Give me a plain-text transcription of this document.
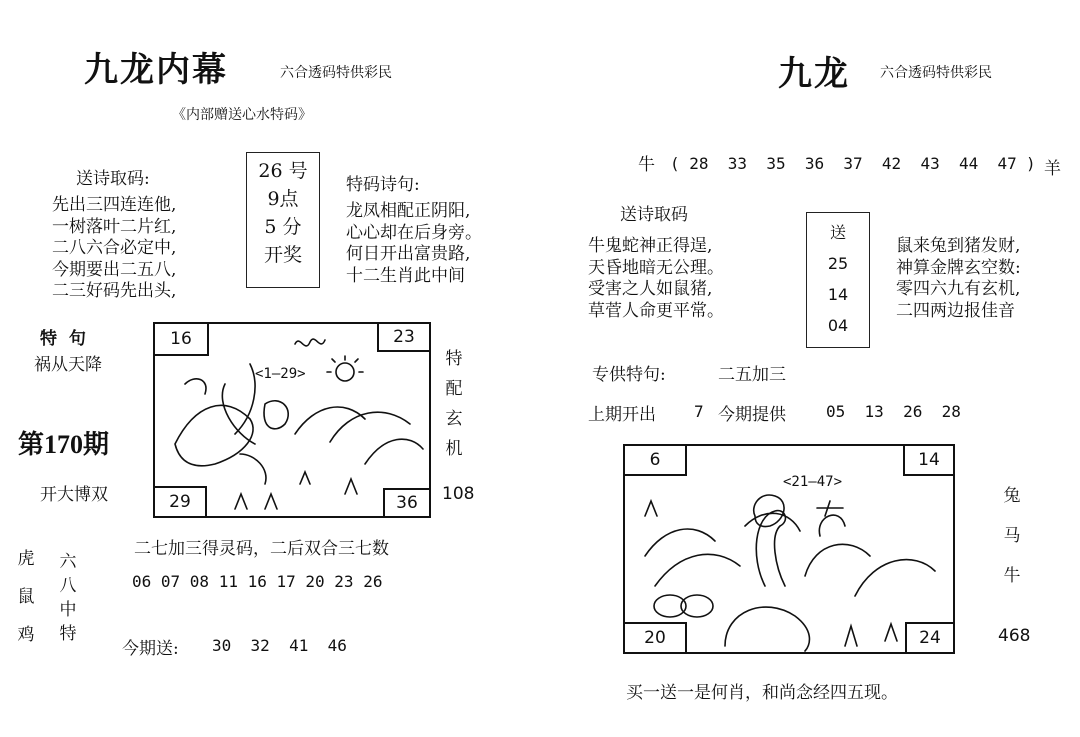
九龙内幕	六合透码特供彩民
《内部赠送心水特码》
送诗取码:
先出三四连连他,
一树落叶二片红,
二八六合必定中,
今期要出二五八,
二三好码先出头,
26 号
9点
5 分
开奖
特码诗句:
龙凤相配正阴阳,
心心却在后身旁。
何日开出富贵路,
十二生肖此中间
特  句
祸从天降
第170期
开大博双
<1—29>
16	23
29	36
特配玄机
108
二七加三得灵码，二后双合三七数
06 07 08 11 16 17 20 23 26
虎
鼠
鸡
六八中特
今期送: 30  32  41  46
九龙 六合透码特供彩民
牛 ( 28  33  35  36  37  42  43  44  47 ) 羊
送诗取码
牛鬼蛇神正得逞,
天昏地暗无公理。
受害之人如鼠猪,
草菅人命更平常。
送
25
14
04
鼠来兔到猪发财,
神算金牌玄空数:
零四六九有玄机,
二四两边报佳音
专供特句:	二五加三
上期开出 7 今期提供	05  13  26  28
<21—47>
6	14
20	24
兔
马
牛
468
买一送一是何肖，和尚念经四五现。
